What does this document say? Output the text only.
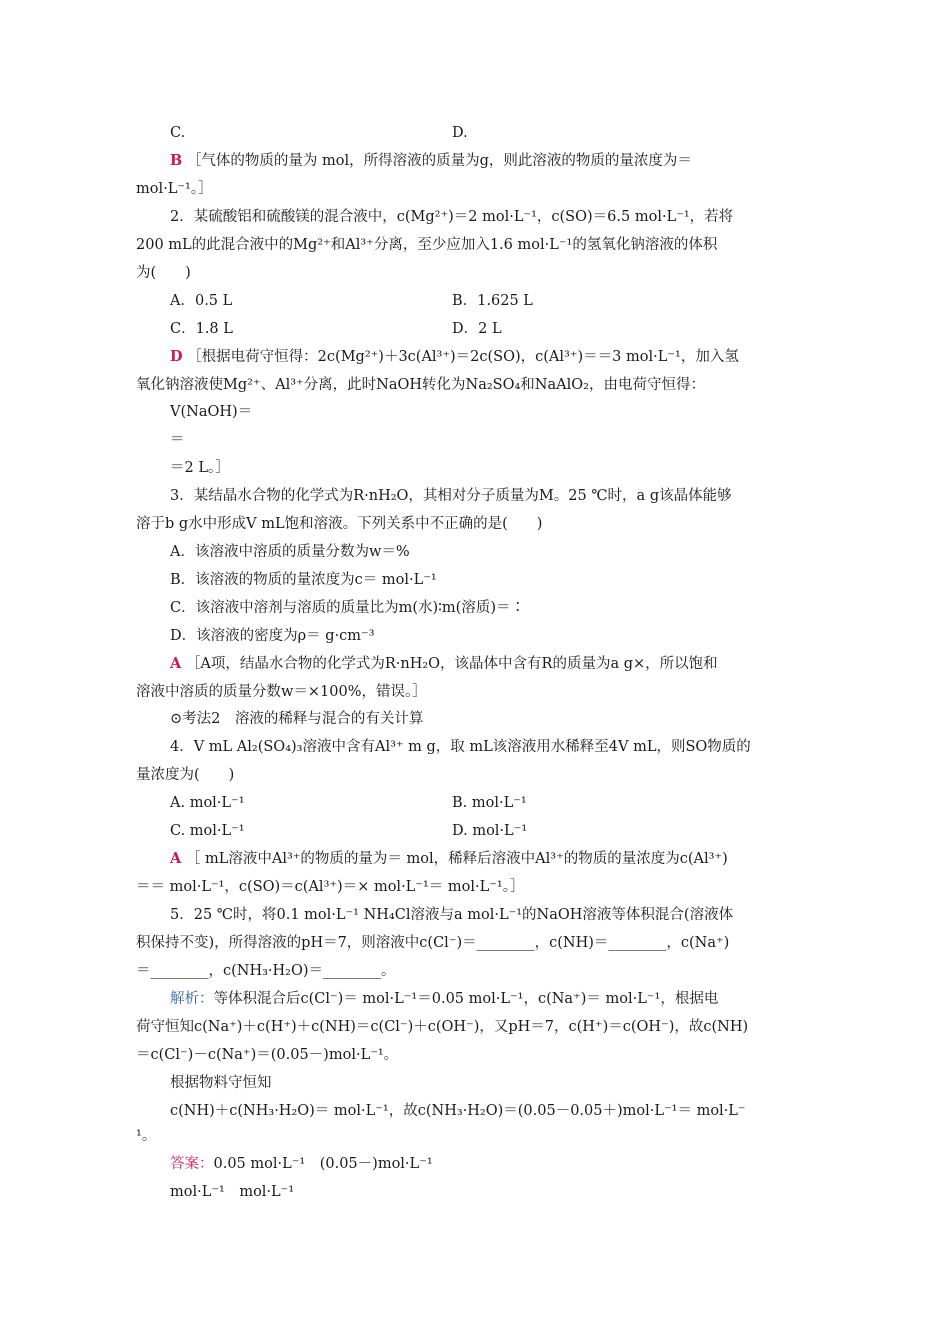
C.	D.
B ［气体的物质的量为 mol，所得溶液的质量为g，则此溶液的物质的量浓度为＝
mol·L⁻¹。］
2．某硫酸铝和硫酸镁的混合液中，c(Mg²⁺)＝2 mol·L⁻¹，c(SO)＝6.5 mol·L⁻¹，若将
200 mL的此混合液中的Mg²⁺和Al³⁺分离，至少应加入1.6 mol·L⁻¹的氢氧化钠溶液的体积
为(　　)
A．0.5 L	B．1.625 L
C．1.8 L	D．2 L
D ［根据电荷守恒得：2c(Mg²⁺)＋3c(Al³⁺)＝2c(SO)，c(Al³⁺)＝＝3 mol·L⁻¹，加入氢
氧化钠溶液使Mg²⁺、Al³⁺分离，此时NaOH转化为Na₂SO₄和NaAlO₂，由电荷守恒得：
V(NaOH)＝
＝
＝2 L。］
3．某结晶水合物的化学式为R·nH₂O，其相对分子质量为M。25 ℃时，a g该晶体能够
溶于b g水中形成V mL饱和溶液。下列关系中不正确的是(　　)
A．该溶液中溶质的质量分数为w＝%
B．该溶液的物质的量浓度为c＝ mol·L⁻¹
C．该溶液中溶剂与溶质的质量比为m(水)∶m(溶质)＝∶
D．该溶液的密度为ρ＝ g·cm⁻³
A ［A项，结晶水合物的化学式为R·nH₂O，该晶体中含有R的质量为a g×，所以饱和
溶液中溶质的质量分数w＝×100%，错误。］
⊙考法2　溶液的稀释与混合的有关计算
4．V mL Al₂(SO₄)₃溶液中含有Al³⁺ m g，取 mL该溶液用水稀释至4V mL，则SO物质的
量浓度为(　　)
A. mol·L⁻¹	B. mol·L⁻¹
C. mol·L⁻¹	D. mol·L⁻¹
A ［ mL溶液中Al³⁺的物质的量为＝ mol，稀释后溶液中Al³⁺的物质的量浓度为c(Al³⁺)
＝＝ mol·L⁻¹，c(SO)＝c(Al³⁺)＝× mol·L⁻¹＝ mol·L⁻¹。］
5．25 ℃时，将0.1 mol·L⁻¹ NH₄Cl溶液与a mol·L⁻¹的NaOH溶液等体积混合(溶液体
积保持不变)，所得溶液的pH＝7，则溶液中c(Cl⁻)＝________，c(NH)＝________，c(Na⁺)
＝________，c(NH₃·H₂O)＝________。
解析：等体积混合后c(Cl⁻)＝ mol·L⁻¹＝0.05 mol·L⁻¹，c(Na⁺)＝ mol·L⁻¹，根据电
荷守恒知c(Na⁺)＋c(H⁺)＋c(NH)＝c(Cl⁻)＋c(OH⁻)，又pH＝7，c(H⁺)＝c(OH⁻)，故c(NH)
＝c(Cl⁻)－c(Na⁺)＝(0.05－)mol·L⁻¹。
根据物料守恒知
c(NH)＋c(NH₃·H₂O)＝ mol·L⁻¹，故c(NH₃·H₂O)＝(0.05－0.05＋)mol·L⁻¹＝ mol·L⁻
¹。
答案：0.05 mol·L⁻¹　(0.05－)mol·L⁻¹
mol·L⁻¹　mol·L⁻¹
